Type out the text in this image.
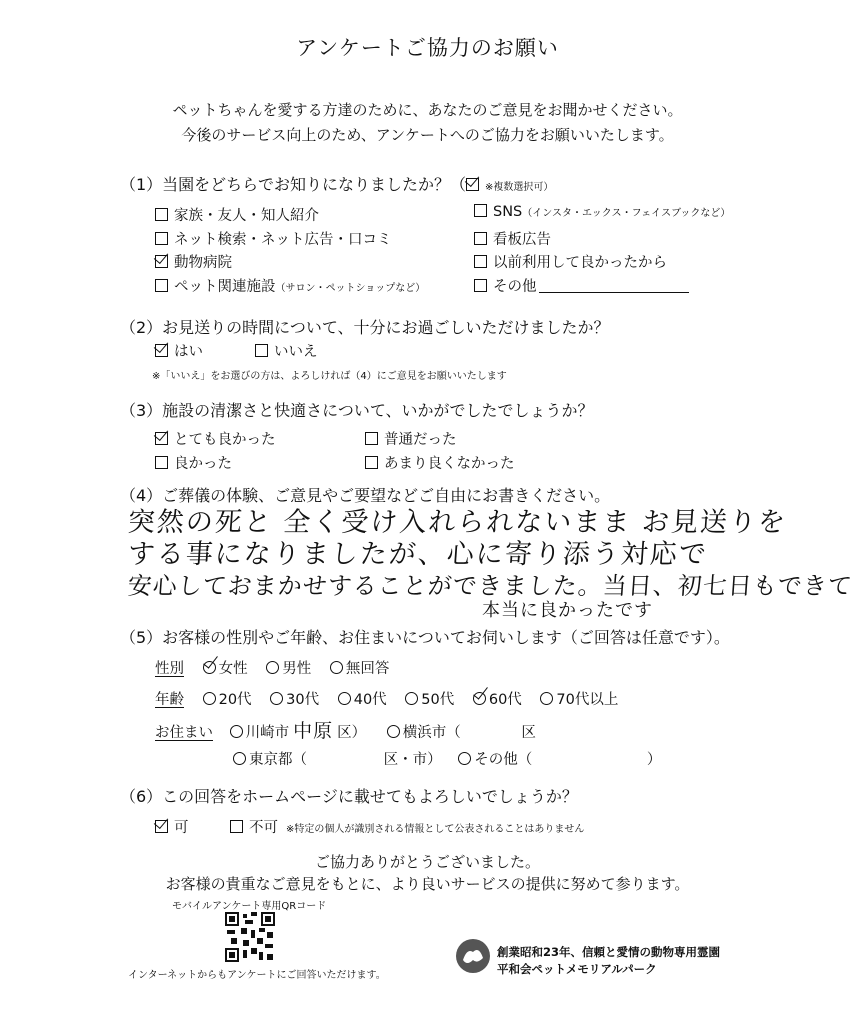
アンケートご協力のお願い
ペットちゃんを愛する方達のために、あなたのご意見をお聞かせください。
今後のサービス向上のため、アンケートへのご協力をお願いいたします。
（1）当園をどちらでお知りになりましたか？（ ※複数選択可）
家族・友人・知人紹介
ネット検索・ネット広告・口コミ
動物病院
ペット関連施設（サロン・ペットショップなど）
SNS（インスタ・エックス・フェイスブックなど）
看板広告
以前利用して良かったから
その他
（2）お見送りの時間について、十分にお過ごしいただけましたか？
はい	いいえ
※「いいえ」をお選びの方は、よろしければ（4）にご意見をお願いいたします
（3）施設の清潔さと快適さについて、いかがでしたでしょうか？
とても良かった	普通だった
良かった	あまり良くなかった
（4）ご葬儀の体験、ご意見やご要望などご自由にお書きください。
突然の死と 全く受け入れられないまま お見送りを
する事になりましたが、心に寄り添う対応で
安心しておまかせすることができました。当日、初七日もできて
本当に良かったです
（5）お客様の性別やご年齢、お住まいについてお伺いします（ご回答は任意です）。
性別 女性 男性 無回答
年齢 20代 30代 40代 50代 60代 70代以上
お住まい 川崎市 中原 区）	横浜市（	区
東京都（	区・市） その他（	）
（6）この回答をホームページに載せてもよろしいでしょうか？
可	不可 ※特定の個人が識別される情報として公表されることはありません
ご協力ありがとうございました。
お客様の貴重なご意見をもとに、より良いサービスの提供に努めて参ります。
モバイルアンケート専用QRコード
インターネットからもアンケートにご回答いただけます。
創業昭和23年、信頼と愛情の動物専用霊園
平和会ペットメモリアルパーク
